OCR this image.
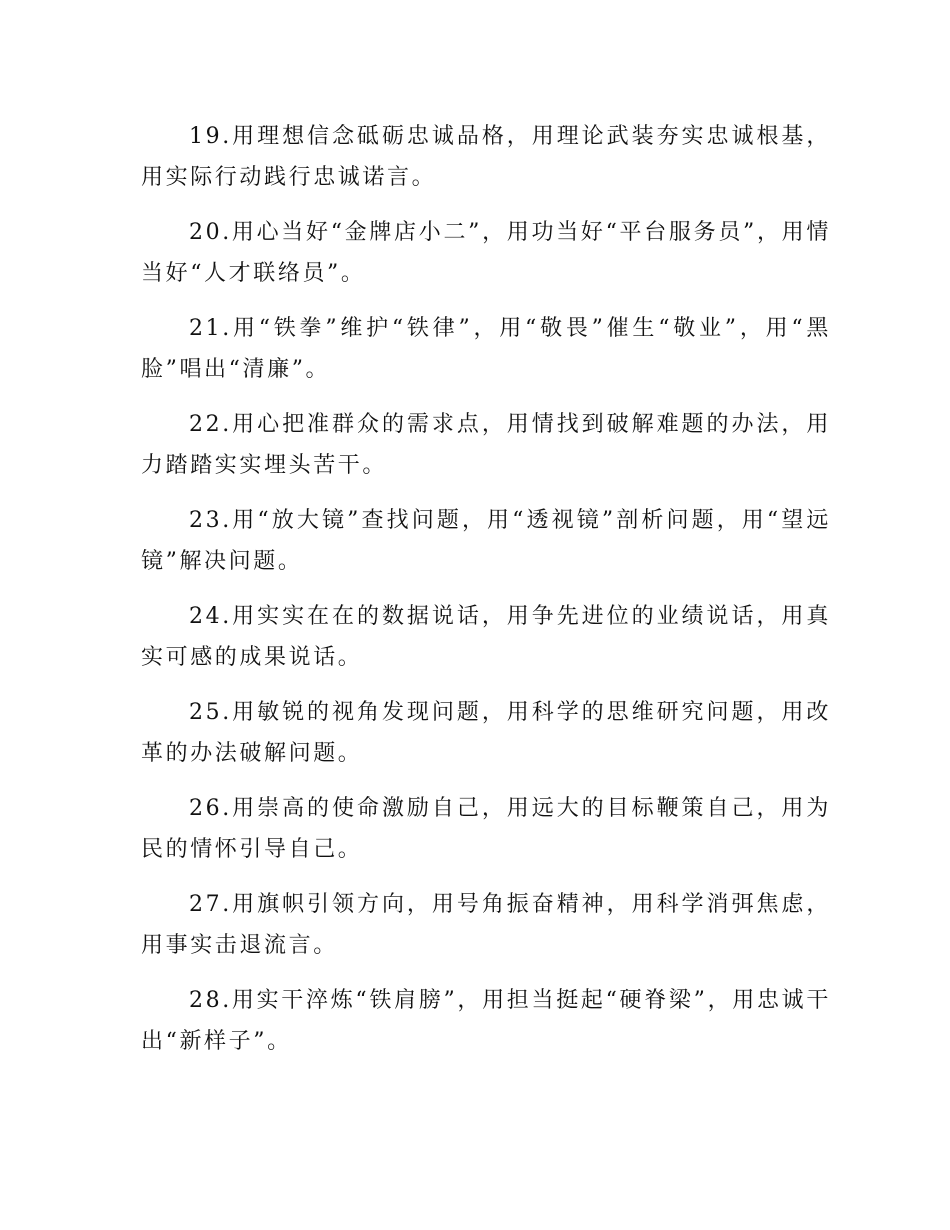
19.用理想信念砥砺忠诚品格，用理论武装夯实忠诚根基，用实际行动践行忠诚诺言。

20.用心当好“金牌店小二”，用功当好“平台服务员”，用情当好“人才联络员”。

21.用“铁拳”维护“铁律”，用“敬畏”催生“敬业”，用“黑脸”唱出“清廉”。

22.用心把准群众的需求点，用情找到破解难题的办法，用力踏踏实实埋头苦干。

23.用“放大镜”查找问题，用“透视镜”剖析问题，用“望远镜”解决问题。

24.用实实在在的数据说话，用争先进位的业绩说话，用真实可感的成果说话。

25.用敏锐的视角发现问题，用科学的思维研究问题，用改革的办法破解问题。

26.用崇高的使命激励自己，用远大的目标鞭策自己，用为民的情怀引导自己。

27.用旗帜引领方向，用号角振奋精神，用科学消弭焦虑，用事实击退流言。

28.用实干淬炼“铁肩膀”，用担当挺起“硬脊梁”，用忠诚干出“新样子”。
